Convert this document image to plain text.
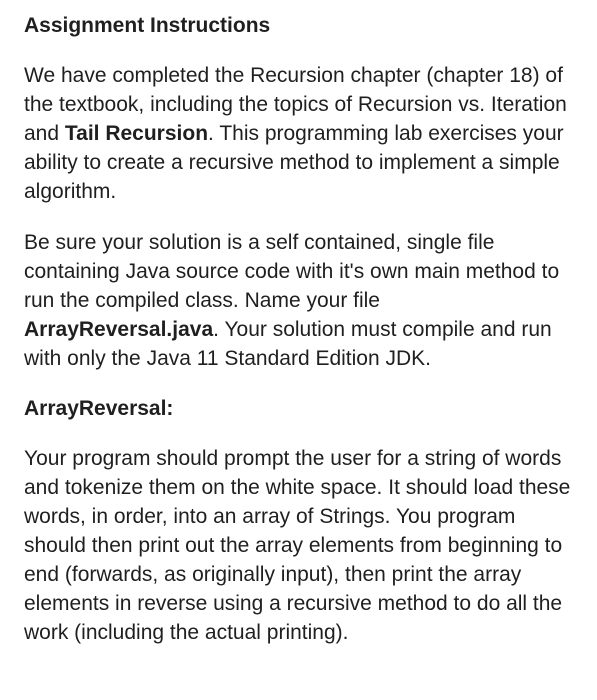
Assignment Instructions

We have completed the Recursion chapter (chapter 18) of the textbook, including the topics of Recursion vs. Iteration and Tail Recursion. This programming lab exercises your ability to create a recursive method to implement a simple algorithm.

Be sure your solution is a self contained, single file containing Java source code with it's own main method to run the compiled class. Name your file ArrayReversal.java. Your solution must compile and run with only the Java 11 Standard Edition JDK.

ArrayReversal:

Your program should prompt the user for a string of words and tokenize them on the white space. It should load these words, in order, into an array of Strings. You program should then print out the array elements from beginning to end (forwards, as originally input), then print the array elements in reverse using a recursive method to do all the work (including the actual printing).
